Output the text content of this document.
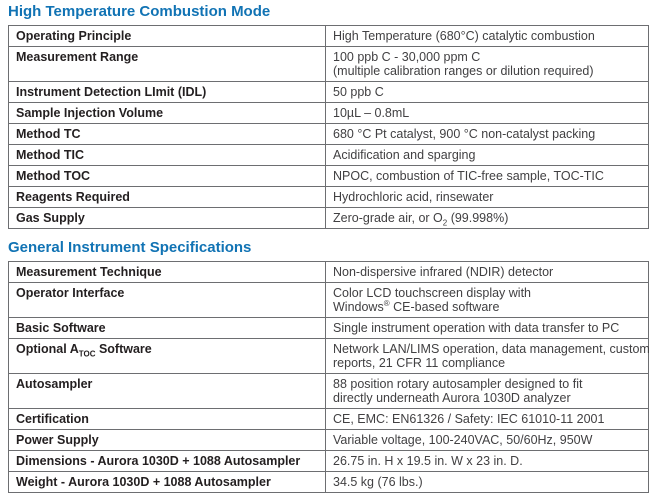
High Temperature Combustion Mode
Operating Principle	High Temperature (680°C) catalytic combustion

Measurement Range	100 ppb C - 30,000 ppm C
(multiple calibration ranges or dilution required)

Instrument Detection LImit (IDL)	50 ppb C

Sample Injection Volume	10µL – 0.8mL

Method TC	680 °C Pt catalyst, 900 °C non-catalyst packing

Method TIC	Acidification and sparging

Method TOC	NPOC, combustion of TIC-free sample, TOC-TIC

Reagents Required	Hydrochloric acid, rinsewater

Gas Supply	Zero-grade air, or $O_2$ (99.998%)
General Instrument Specifications
Measurement Technique	Non-dispersive infrared (NDIR) detector

Operator Interface	Color LCD touchscreen display with
Windows® CE-based software

Basic Software	Single instrument operation with data transfer to PC

Optional $A_{TOC}$ Software	Network LAN/LIMS operation, data management, custom
reports, 21 CFR 11 compliance

Autosampler	88 position rotary autosampler designed to fit
directly underneath Aurora 1030D analyzer

Certification	CE, EMC: EN61326 / Safety: IEC 61010-11 2001

Power Supply	Variable voltage, 100-240VAC, 50/60Hz, 950W

Dimensions - Aurora 1030D + 1088 Autosampler	26.75 in. H x 19.5 in. W x 23 in. D.

Weight - Aurora 1030D + 1088 Autosampler	34.5 kg (76 lbs.)
